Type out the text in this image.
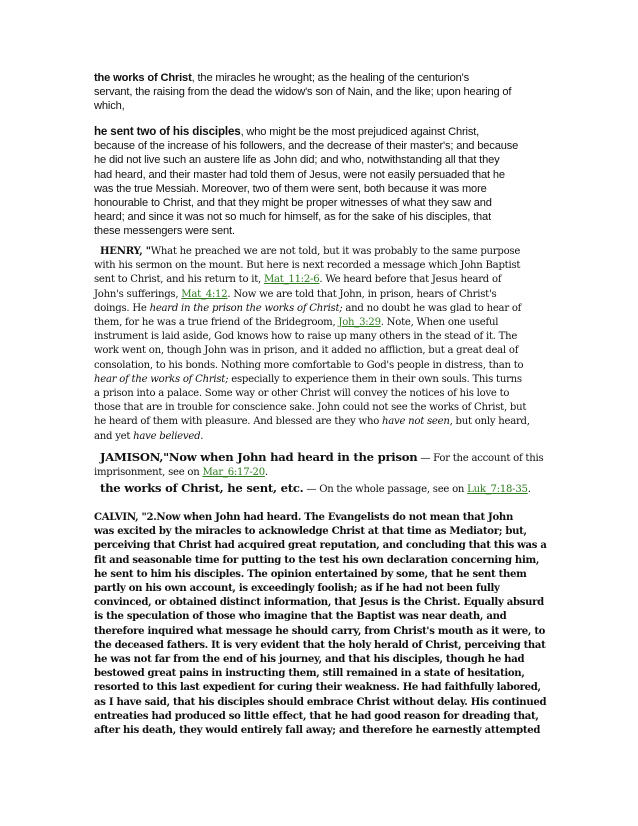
the works of Christ, the miracles he wrought; as the healing of the centurion's
servant, the raising from the dead the widow's son of Nain, and the like; upon hearing of
which,
he sent two of his disciples, who might be the most prejudiced against Christ,
because of the increase of his followers, and the decrease of their master's; and because
he did not live such an austere life as John did; and who, notwithstanding all that they
had heard, and their master had told them of Jesus, were not easily persuaded that he
was the true Messiah. Moreover, two of them were sent, both because it was more
honourable to Christ, and that they might be proper witnesses of what they saw and
heard; and since it was not so much for himself, as for the sake of his disciples, that
these messengers were sent.
HENRY, "What he preached we are not told, but it was probably to the same purpose
with his sermon on the mount. But here is next recorded a message which John Baptist
sent to Christ, and his return to it, Mat_11:2-6. We heard before that Jesus heard of
John's sufferings, Mat_4:12. Now we are told that John, in prison, hears of Christ's
doings. He heard in the prison the works of Christ; and no doubt he was glad to hear of
them, for he was a true friend of the Bridegroom, Joh_3:29. Note, When one useful
instrument is laid aside, God knows how to raise up many others in the stead of it. The
work went on, though John was in prison, and it added no affliction, but a great deal of
consolation, to his bonds. Nothing more comfortable to God's people in distress, than to
hear of the works of Christ; especially to experience them in their own souls. This turns
a prison into a palace. Some way or other Christ will convey the notices of his love to
those that are in trouble for conscience sake. John could not see the works of Christ, but
he heard of them with pleasure. And blessed are they who have not seen, but only heard,
and yet have believed.
JAMISON,"Now when John had heard in the prison — For the account of this
imprisonment, see on Mar_6:17-20.
the works of Christ, he sent, etc. — On the whole passage, see on Luk_7:18-35.
CALVIN, "2.Now when John had heard. The Evangelists do not mean that John
was excited by the miracles to acknowledge Christ at that time as Mediator; but,
perceiving that Christ had acquired great reputation, and concluding that this was a
fit and seasonable time for putting to the test his own declaration concerning him,
he sent to him his disciples. The opinion entertained by some, that he sent them
partly on his own account, is exceedingly foolish; as if he had not been fully
convinced, or obtained distinct information, that Jesus is the Christ. Equally absurd
is the speculation of those who imagine that the Baptist was near death, and
therefore inquired what message he should carry, from Christ's mouth as it were, to
the deceased fathers. It is very evident that the holy herald of Christ, perceiving that
he was not far from the end of his journey, and that his disciples, though he had
bestowed great pains in instructing them, still remained in a state of hesitation,
resorted to this last expedient for curing their weakness. He had faithfully labored,
as I have said, that his disciples should embrace Christ without delay. His continued
entreaties had produced so little effect, that he had good reason for dreading that,
after his death, they would entirely fall away; and therefore he earnestly attempted
